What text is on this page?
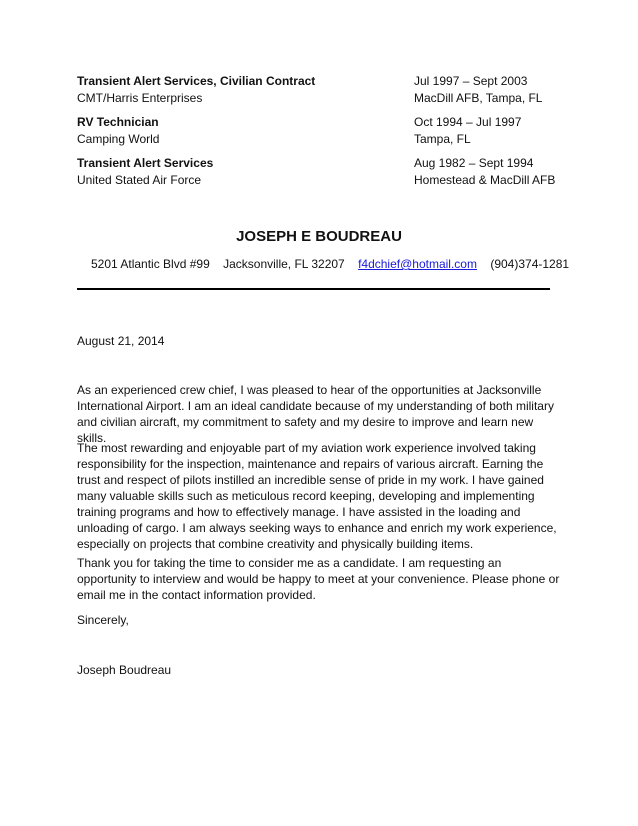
Transient Alert Services, Civilian Contract	Jul 1997 – Sept 2003
CMT/Harris Enterprises	MacDill AFB, Tampa, FL
RV Technician	Oct 1994 – Jul 1997
Camping World	Tampa, FL
Transient Alert Services	Aug 1982 – Sept 1994
United Stated Air Force	Homestead & MacDill AFB
JOSEPH E BOUDREAU
5201 Atlantic Blvd #99 Jacksonville, FL 32207 f4dchief@hotmail.com (904)374-1281
August 21, 2014
As an experienced crew chief, I was pleased to hear of the opportunities at Jacksonville International Airport. I am an ideal candidate because of my understanding of both military and civilian aircraft, my commitment to safety and my desire to improve and learn new skills.
The most rewarding and enjoyable part of my aviation work experience involved taking responsibility for the inspection, maintenance and repairs of various aircraft. Earning the trust and respect of pilots instilled an incredible sense of pride in my work. I have gained many valuable skills such as meticulous record keeping, developing and implementing training programs and how to effectively manage. I have assisted in the loading and unloading of cargo. I am always seeking ways to enhance and enrich my work experience, especially on projects that combine creativity and physically building items.
Thank you for taking the time to consider me as a candidate. I am requesting an opportunity to interview and would be happy to meet at your convenience. Please phone or email me in the contact information provided.
Sincerely,
Joseph Boudreau
